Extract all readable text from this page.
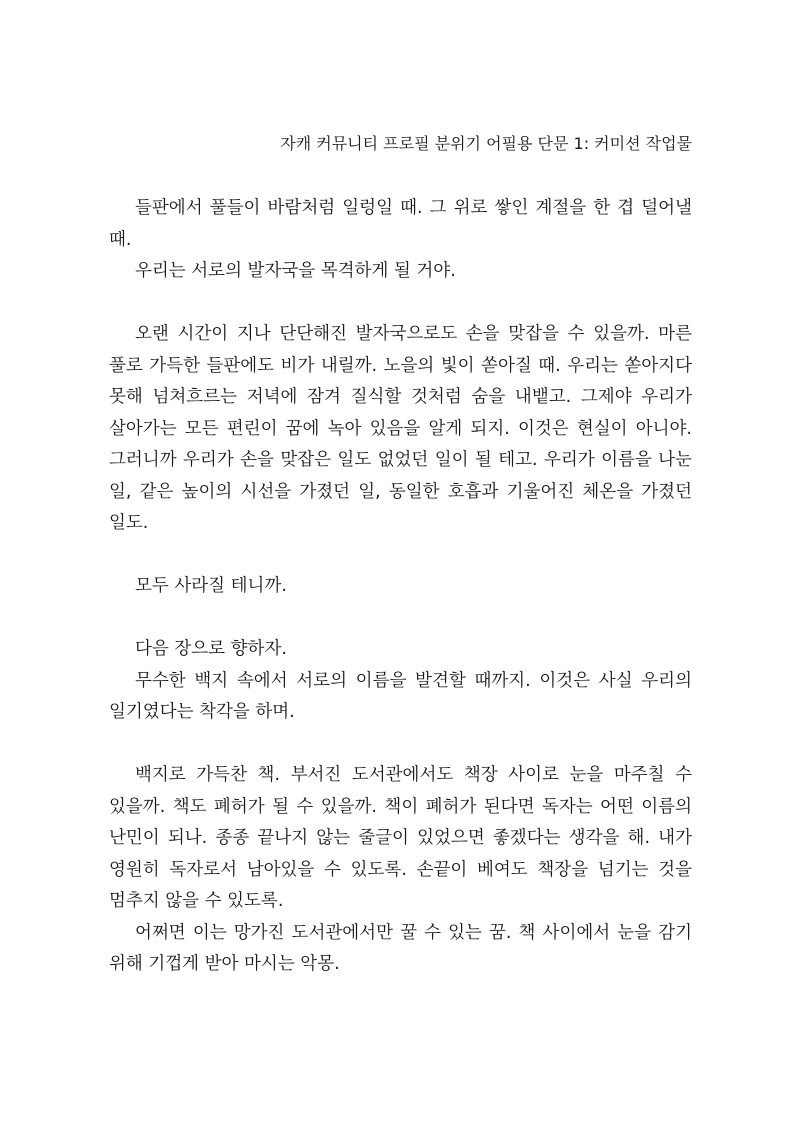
자캐 커뮤니티 프로필 분위기 어필용 단문 1: 커미션 작업물

들판에서 풀들이 바람처럼 일렁일 때. 그 위로 쌓인 계절을 한 겹 덜어낼 때.

우리는 서로의 발자국을 목격하게 될 거야.

오랜 시간이 지나 단단해진 발자국으로도 손을 맞잡을 수 있을까. 마른 풀로 가득한 들판에도 비가 내릴까. 노을의 빛이 쏟아질 때. 우리는 쏟아지다 못해 넘쳐흐르는 저녁에 잠겨 질식할 것처럼 숨을 내뱉고. 그제야 우리가 살아가는 모든 편린이 꿈에 녹아 있음을 알게 되지. 이것은 현실이 아니야. 그러니까 우리가 손을 맞잡은 일도 없었던 일이 될 테고. 우리가 이름을 나눈 일, 같은 높이의 시선을 가졌던 일, 동일한 호흡과 기울어진 체온을 가졌던 일도.

모두 사라질 테니까.

다음 장으로 향하자.

무수한 백지 속에서 서로의 이름을 발견할 때까지. 이것은 사실 우리의 일기였다는 착각을 하며.

백지로 가득찬 책. 부서진 도서관에서도 책장 사이로 눈을 마주칠 수 있을까. 책도 폐허가 될 수 있을까. 책이 폐허가 된다면 독자는 어떤 이름의 난민이 되나. 종종 끝나지 않는 줄글이 있었으면 좋겠다는 생각을 해. 내가 영원히 독자로서 남아있을 수 있도록. 손끝이 베여도 책장을 넘기는 것을 멈추지 않을 수 있도록.

어쩌면 이는 망가진 도서관에서만 꿀 수 있는 꿈. 책 사이에서 눈을 감기 위해 기껍게 받아 마시는 악몽.
